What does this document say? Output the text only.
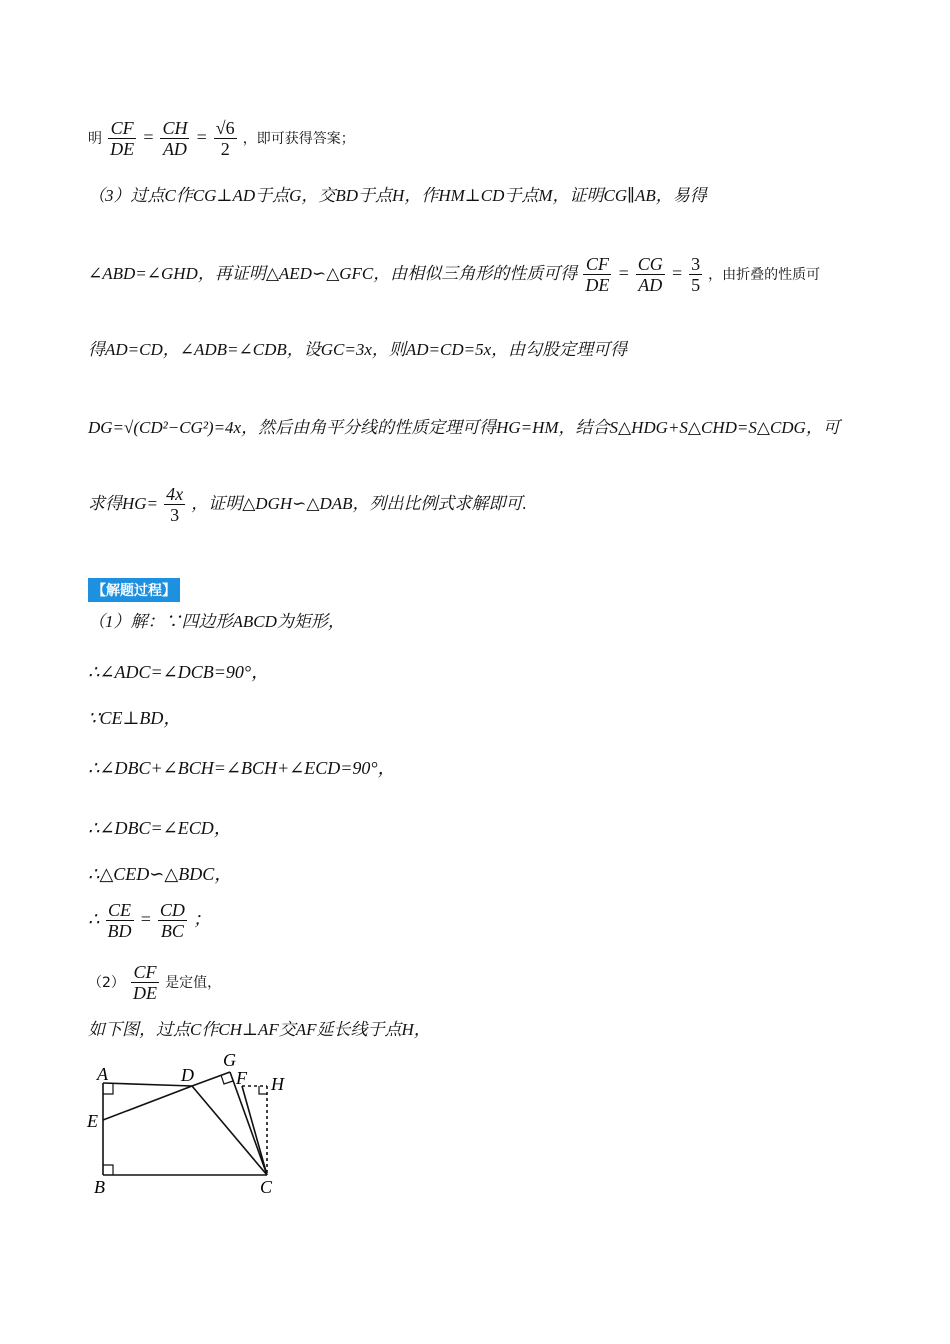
明 $\frac{CF}{DE} = \frac{CH}{AD} = \frac{√6}{2}$ ，即可获得答案；
（3）过点C作CG⊥AD于点G，交BD于点H，作HM⊥CD于点M，证明CG∥AB，易得
∠ABD=∠GHD，再证明△AED∽△GFC，由相似三角形的性质可得 $\frac{CF}{DE} = \frac{CG}{AD} = \frac{3}{5}$ ，由折叠的性质可
得AD=CD，∠ADB=∠CDB，设GC=3x，则AD=CD=5x，由勾股定理可得
DG=√(CD²−CG²)=4x，然后由角平分线的性质定理可得HG=HM，结合S△HDG+S△CHD=S△CDG，可
求得$HG= \frac{4x}{3}$ ，证明△DGH∽△DAB，列出比例式求解即可.
【解题过程】
（1）解：∵四边形ABCD为矩形，
∴∠ADC=∠DCB=90°，
∵CE⊥BD，
∴∠DBC+∠BCH=∠BCH+∠ECD=90°，
∴∠DBC=∠ECD，
∴△CED∽△BDC，
∴ $\frac{CE}{BD} = \frac{CD}{BC}$ ；
$(2) \frac{CF}{DE}$ 是定值，
如下图，过点C作CH⊥AF交AF延长线于点H，
A	D
G
F H
E
B	C
